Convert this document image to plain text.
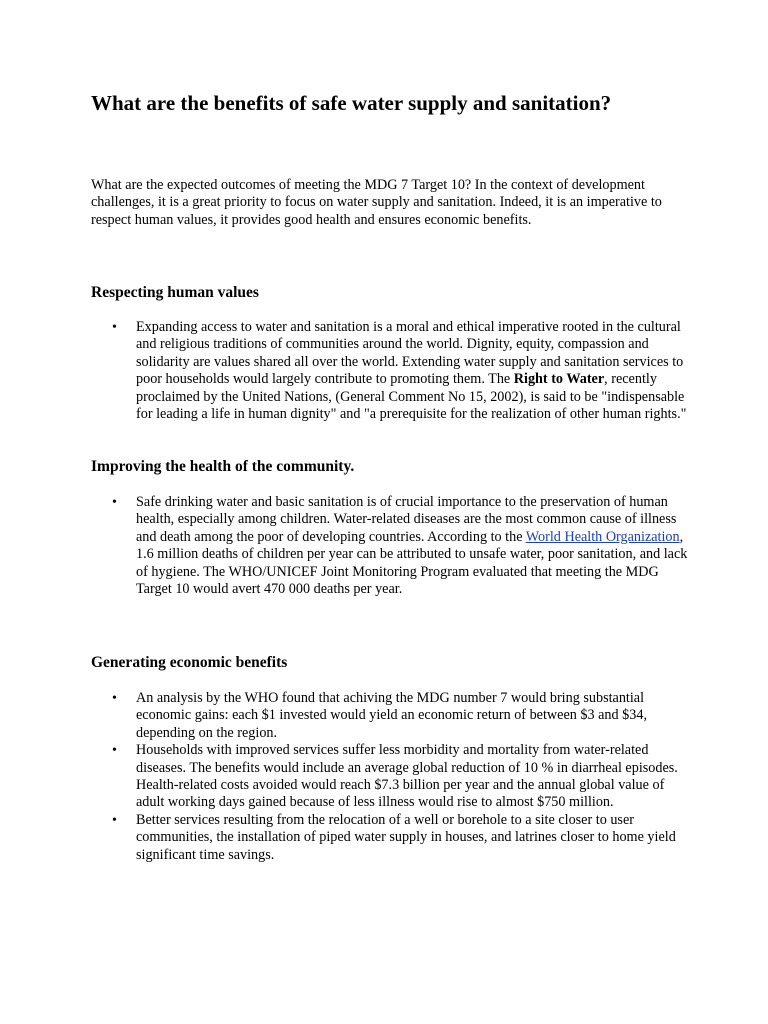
What are the benefits of safe water supply and sanitation?

What are the expected outcomes of meeting the MDG 7 Target 10? In the context of development challenges, it is a great priority to focus on water supply and sanitation. Indeed, it is an imperative to respect human values, it provides good health and ensures economic benefits.

Respecting human values
• Expanding access to water and sanitation is a moral and ethical imperative rooted in the cultural and religious traditions of communities around the world. Dignity, equity, compassion and solidarity are values shared all over the world. Extending water supply and sanitation services to poor households would largely contribute to promoting them. The Right to Water, recently proclaimed by the United Nations, (General Comment No 15, 2002), is said to be "indispensable for leading a life in human dignity" and "a prerequisite for the realization of other human rights."
Improving the health of the community.
• Safe drinking water and basic sanitation is of crucial importance to the preservation of human health, especially among children. Water-related diseases are the most common cause of illness and death among the poor of developing countries. According to the World Health Organization, 1.6 million deaths of children per year can be attributed to unsafe water, poor sanitation, and lack of hygiene. The WHO/UNICEF Joint Monitoring Program evaluated that meeting the MDG Target 10 would avert 470 000 deaths per year.
Generating economic benefits
• An analysis by the WHO found that achiving the MDG number 7 would bring substantial economic gains: each $1 invested would yield an economic return of between $3 and $34, depending on the region.
• Households with improved services suffer less morbidity and mortality from water-related diseases. The benefits would include an average global reduction of 10 % in diarrheal episodes. Health-related costs avoided would reach $7.3 billion per year and the annual global value of adult working days gained because of less illness would rise to almost $750 million.
• Better services resulting from the relocation of a well or borehole to a site closer to user communities, the installation of piped water supply in houses, and latrines closer to home yield significant time savings.
